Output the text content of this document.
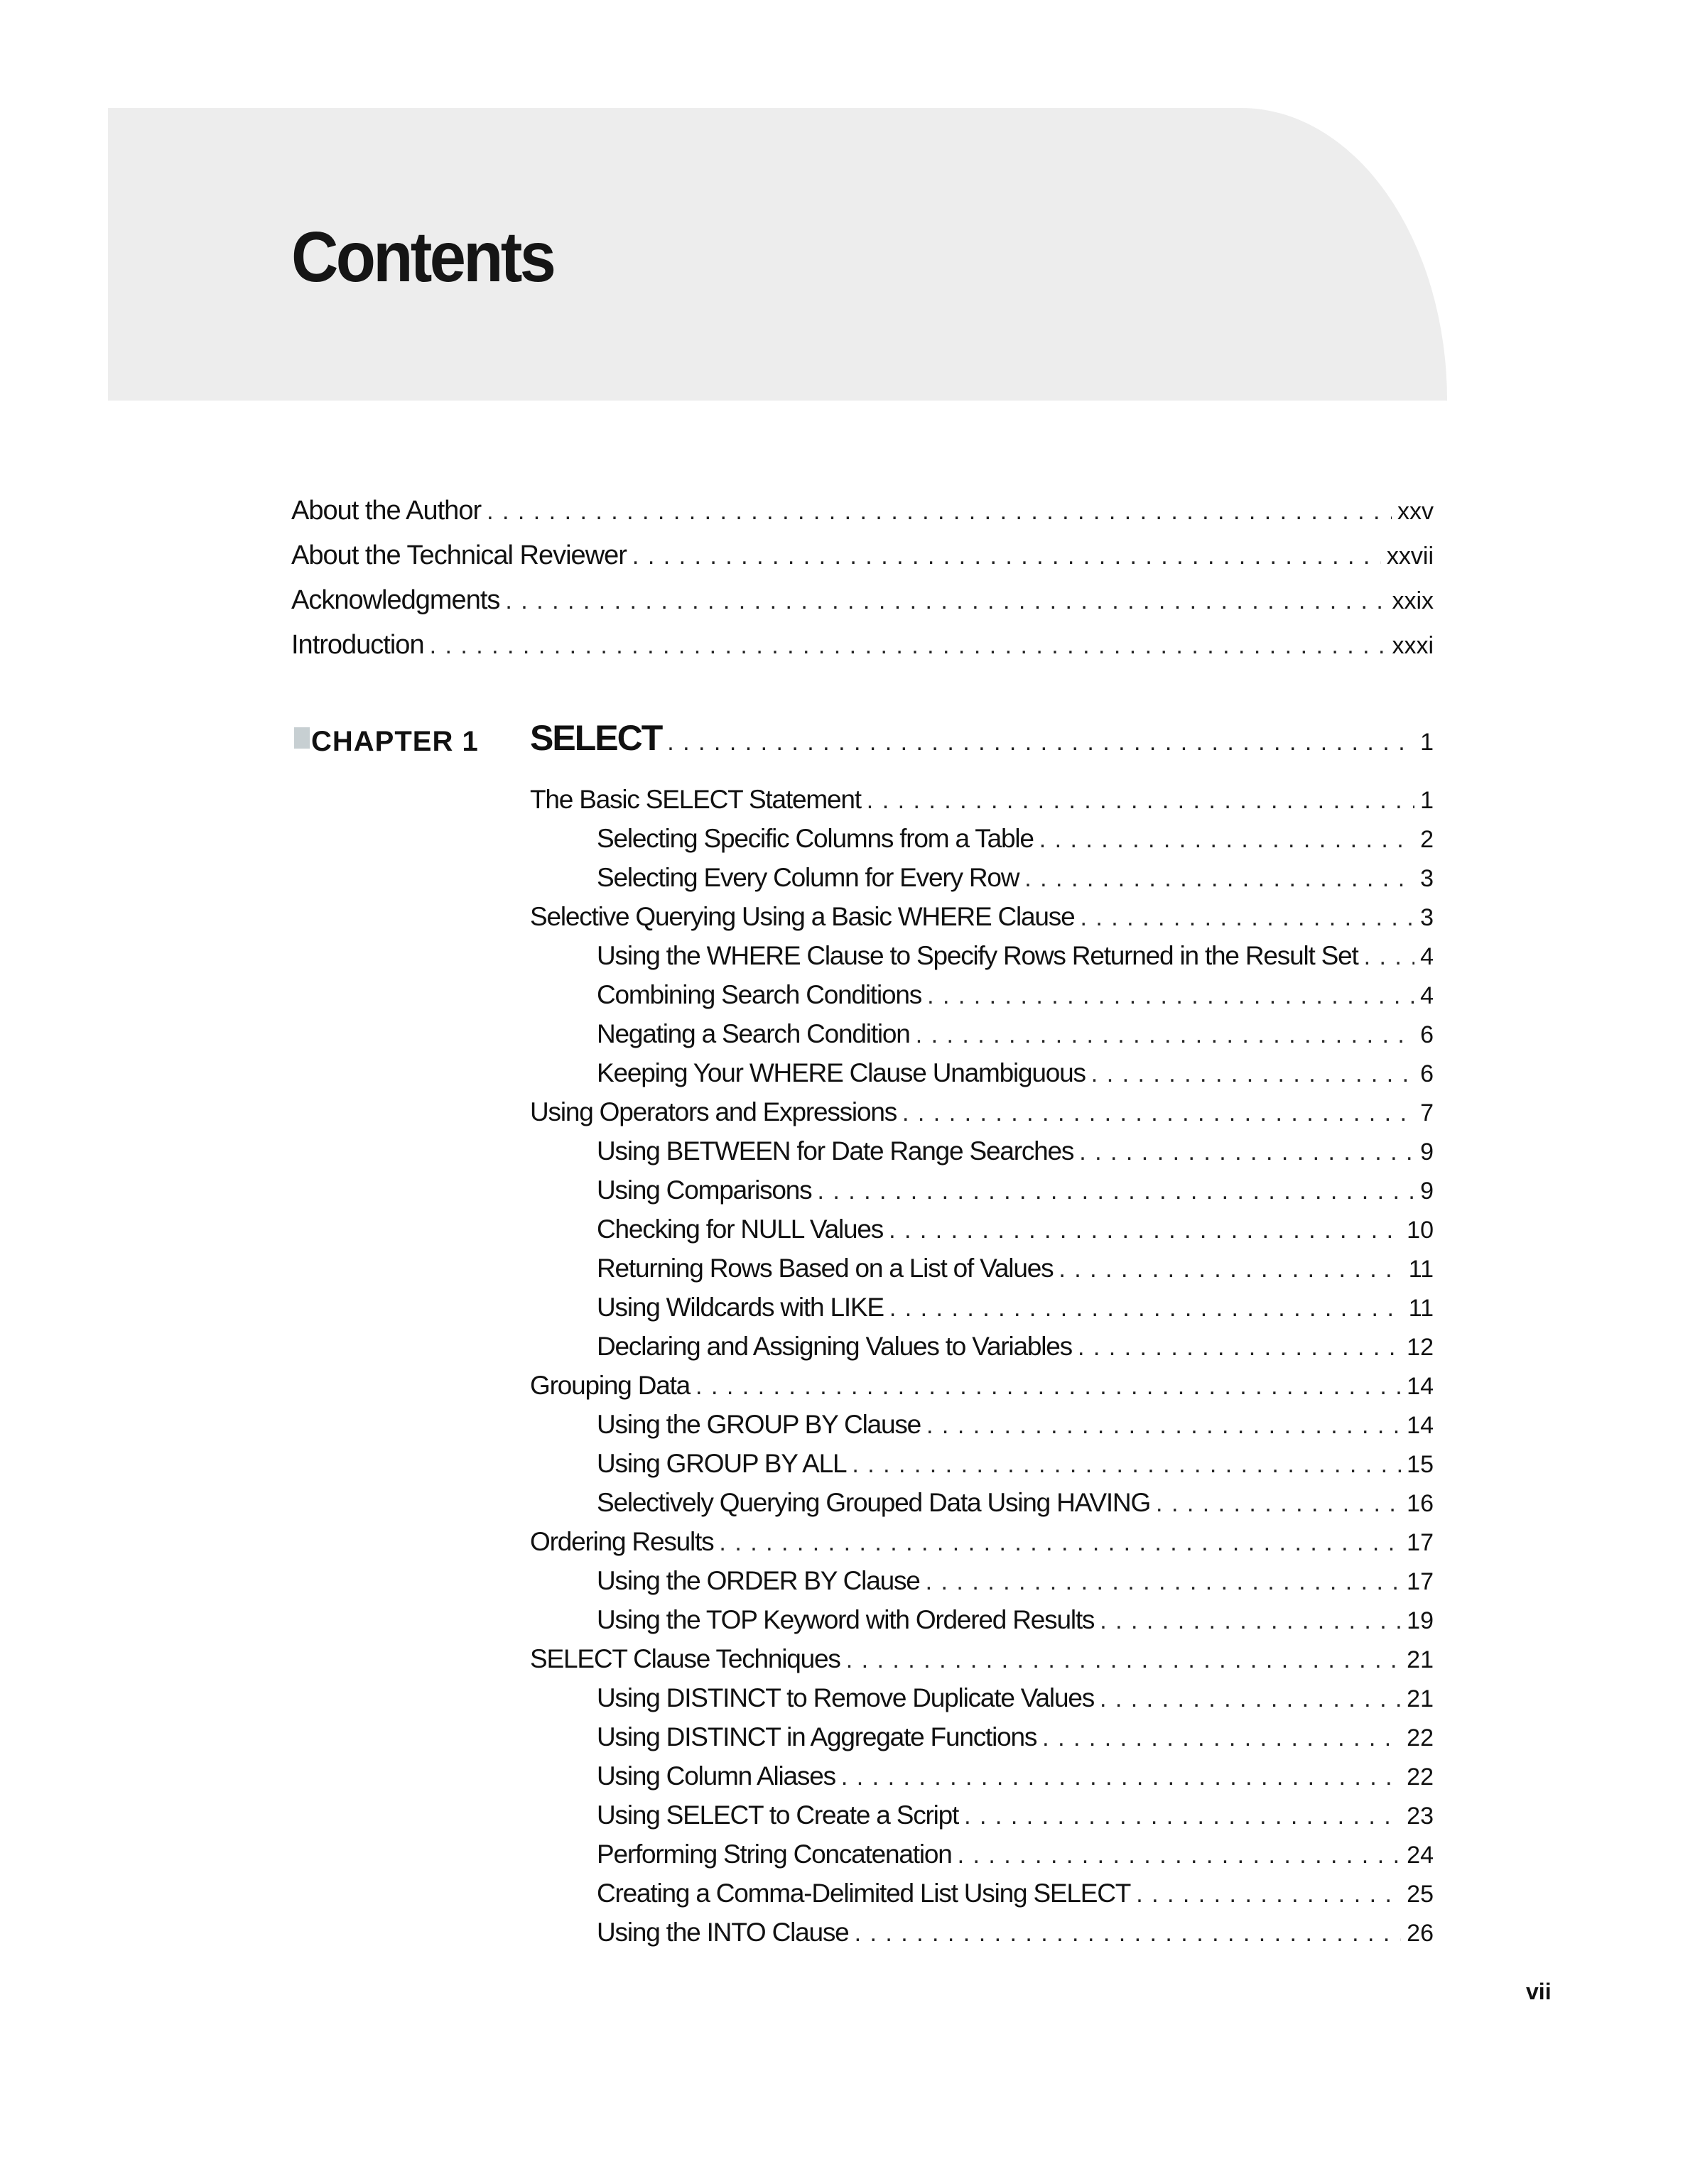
Contents
About the Author . . .	xxv
About the Technical Reviewer . . .	xxvii
Acknowledgments . . .	xxix
Introduction . . .	xxxi
CHAPTER 1 SELECT . . .	1
The Basic SELECT Statement . . .	1
Selecting Specific Columns from a Table . . .	2
Selecting Every Column for Every Row . . .	3
Selective Querying Using a Basic WHERE Clause . . .	3
Using the WHERE Clause to Specify Rows Returned in the Result Set . . .	4
Combining Search Conditions . . .	4
Negating a Search Condition . . .	6
Keeping Your WHERE Clause Unambiguous . . .	6
Using Operators and Expressions . . .	7
Using BETWEEN for Date Range Searches . . .	9
Using Comparisons . . .	9
Checking for NULL Values . . .	10
Returning Rows Based on a List of Values . . .	11
Using Wildcards with LIKE . . .	11
Declaring and Assigning Values to Variables . . .	12
Grouping Data . . .	14
Using the GROUP BY Clause . . .	14
Using GROUP BY ALL . . .	15
Selectively Querying Grouped Data Using HAVING . . .	16
Ordering Results . . .	17
Using the ORDER BY Clause . . .	17
Using the TOP Keyword with Ordered Results . . .	19
SELECT Clause Techniques . . .	21
Using DISTINCT to Remove Duplicate Values . . .	21
Using DISTINCT in Aggregate Functions . . .	22
Using Column Aliases . . .	22
Using SELECT to Create a Script . . .	23
Performing String Concatenation . . .	24
Creating a Comma-Delimited List Using SELECT . . .	25
Using the INTO Clause . . .	26
vii
